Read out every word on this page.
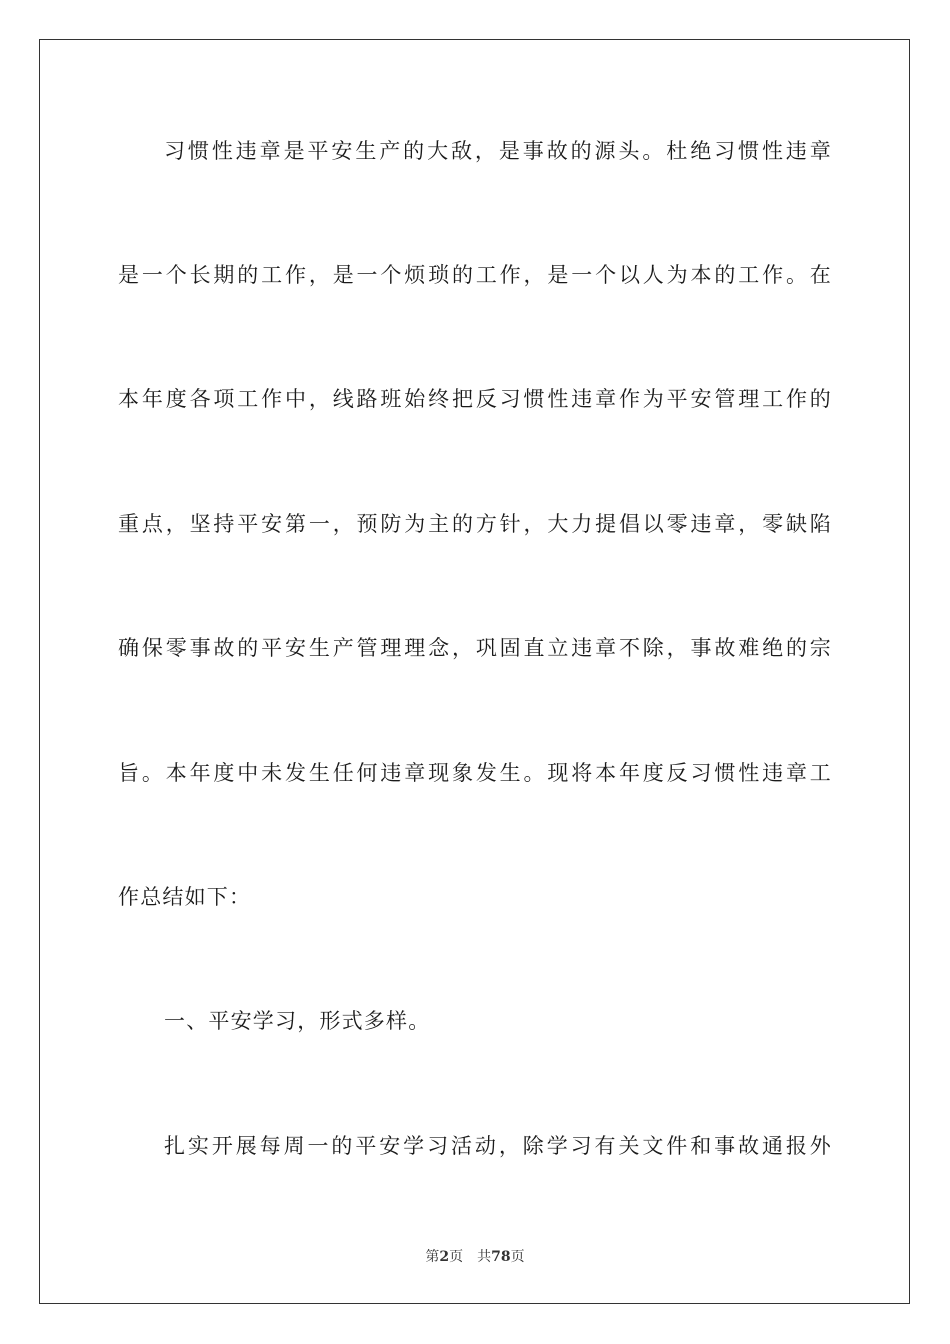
习惯性违章是平安生产的大敌，是事故的源头。杜绝习惯性违章
是一个长期的工作，是一个烦琐的工作，是一个以人为本的工作。在
本年度各项工作中，线路班始终把反习惯性违章作为平安管理工作的
重点，坚持平安第一，预防为主的方针，大力提倡以零违章，零缺陷
确保零事故的平安生产管理理念，巩固直立违章不除，事故难绝的宗
旨。本年度中未发生任何违章现象发生。现将本年度反习惯性违章工
作总结如下：
一、平安学习，形式多样。
扎实开展每周一的平安学习活动，除学习有关文件和事故通报外
第2页 共78页
